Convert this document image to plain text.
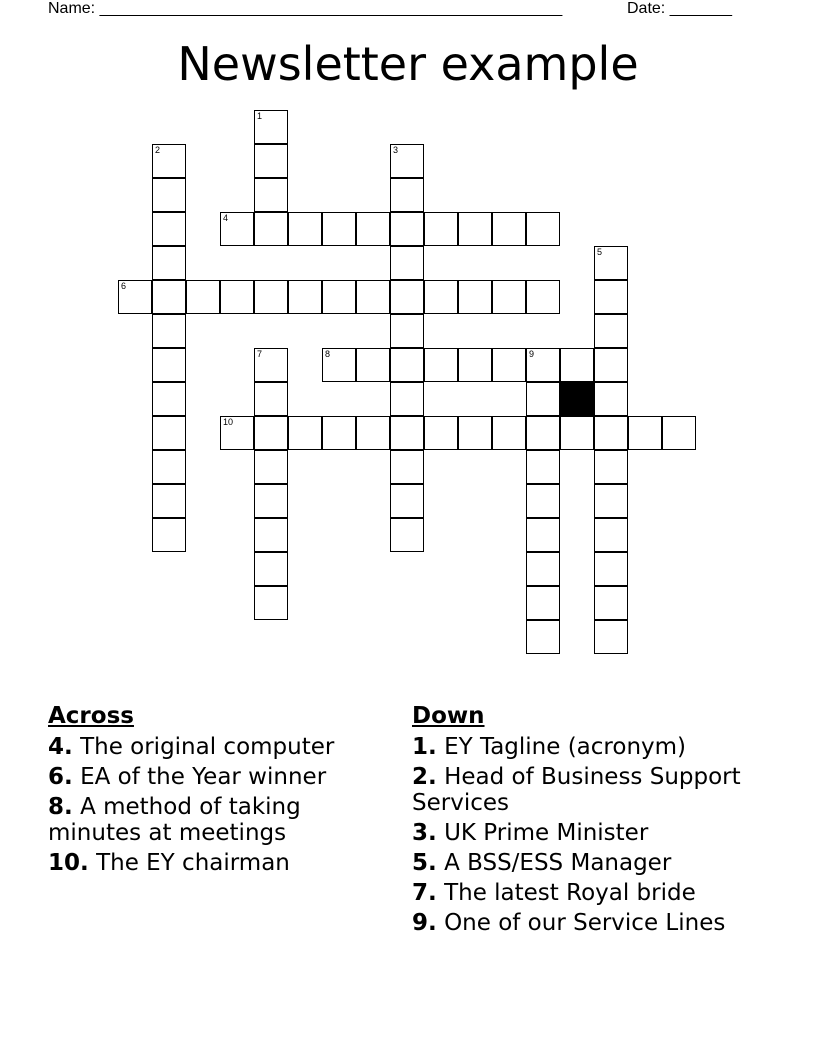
Name: ____________________________________________________	Date: _______
Newsletter example
1
2	3
4
5
6
7	8	9
10
Across
4. The original computer
6. EA of the Year winner
8. A method of taking minutes at meetings
10. The EY chairman
Down
1. EY Tagline (acronym)
2. Head of Business Support Services
3. UK Prime Minister
5. A BSS/ESS Manager
7. The latest Royal bride
9. One of our Service Lines
